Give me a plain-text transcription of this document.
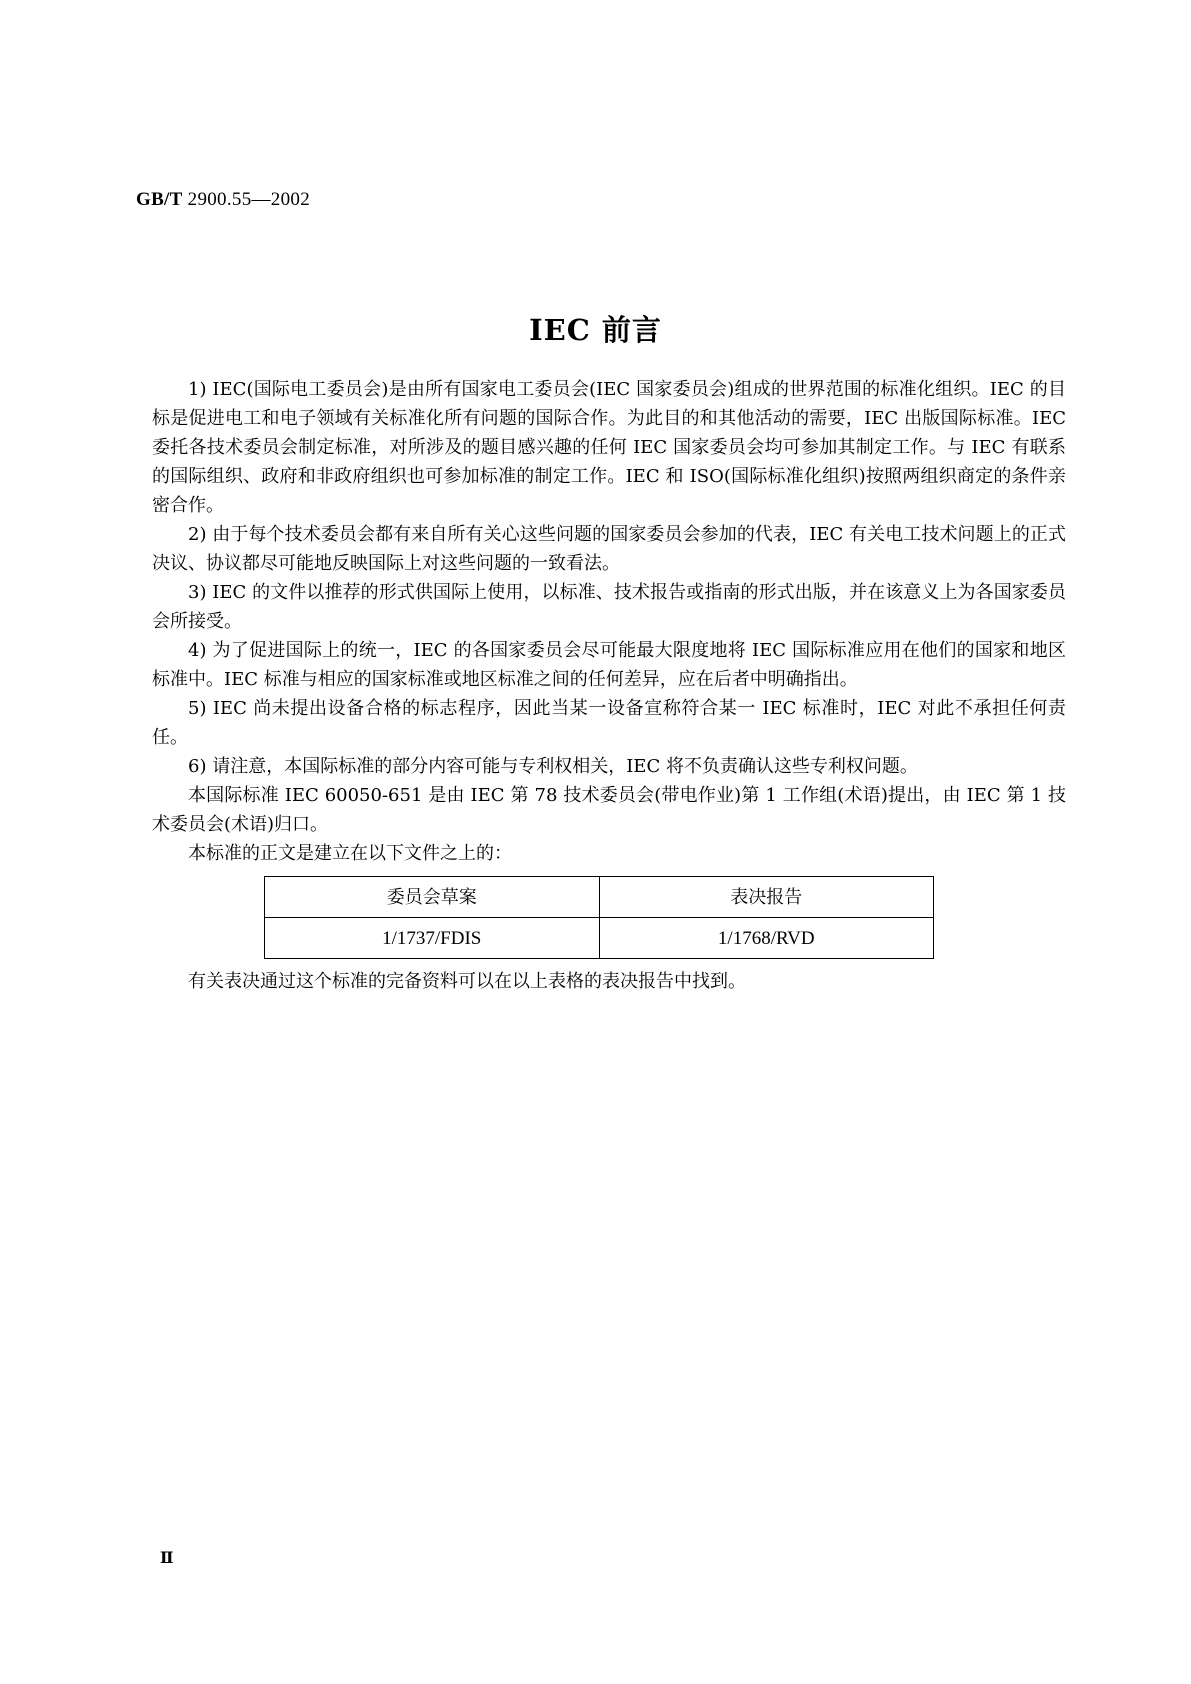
GB/T 2900.55—2002
IEC 前言

1) IEC(国际电工委员会)是由所有国家电工委员会(IEC 国家委员会)组成的世界范围的标准化组织。IEC 的目标是促进电工和电子领域有关标准化所有问题的国际合作。为此目的和其他活动的需要，IEC 出版国际标准。IEC 委托各技术委员会制定标准，对所涉及的题目感兴趣的任何 IEC 国家委员会均可参加其制定工作。与 IEC 有联系的国际组织、政府和非政府组织也可参加标准的制定工作。IEC 和 ISO(国际标准化组织)按照两组织商定的条件亲密合作。

2) 由于每个技术委员会都有来自所有关心这些问题的国家委员会参加的代表，IEC 有关电工技术问题上的正式决议、协议都尽可能地反映国际上对这些问题的一致看法。

3) IEC 的文件以推荐的形式供国际上使用，以标准、技术报告或指南的形式出版，并在该意义上为各国家委员会所接受。

4) 为了促进国际上的统一，IEC 的各国家委员会尽可能最大限度地将 IEC 国际标准应用在他们的国家和地区标准中。IEC 标准与相应的国家标准或地区标准之间的任何差异，应在后者中明确指出。

5) IEC 尚未提出设备合格的标志程序，因此当某一设备宣称符合某一 IEC 标准时，IEC 对此不承担任何责任。

6) 请注意，本国际标准的部分内容可能与专利权相关，IEC 将不负责确认这些专利权问题。

本国际标准 IEC 60050-651 是由 IEC 第 78 技术委员会(带电作业)第 1 工作组(术语)提出，由 IEC 第 1 技术委员会(术语)归口。

本标准的正文是建立在以下文件之上的：

委员会草案	表决报告
1/1737/FDIS	1/1768/RVD

有关表决通过这个标准的完备资料可以在以上表格的表决报告中找到。

Ⅱ
